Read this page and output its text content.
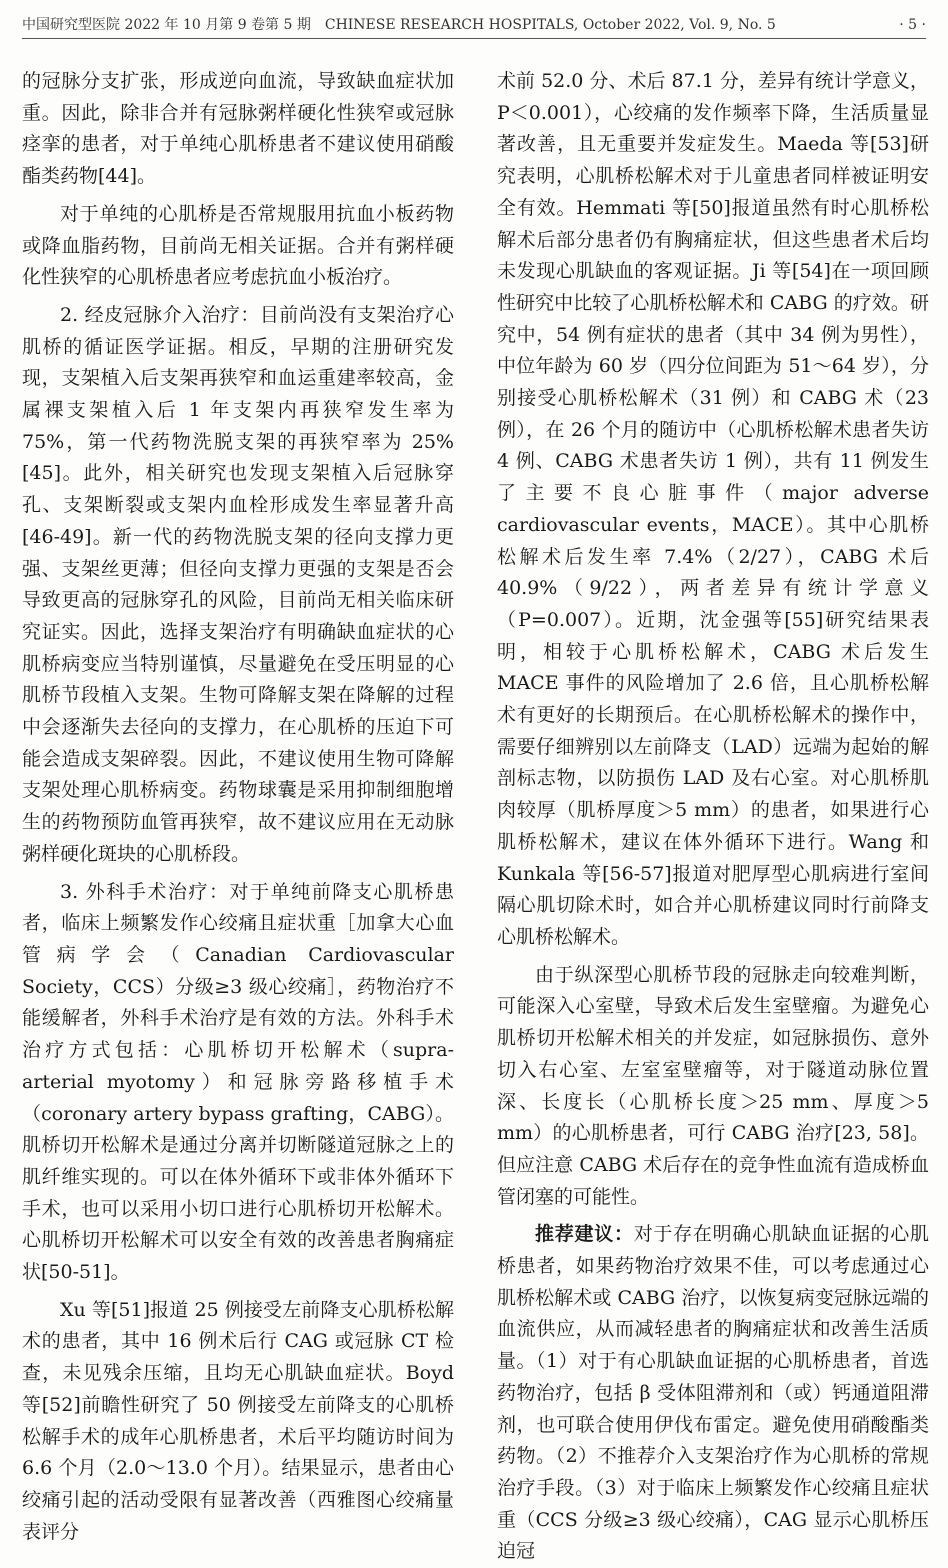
中国研究型医院 2022 年 10 月第 9 卷第 5 期　CHINESE RESEARCH HOSPITALS, October 2022, Vol. 9, No. 5	· 5 ·

的冠脉分支扩张，形成逆向血流，导致缺血症状加重。因此，除非合并有冠脉粥样硬化性狭窄或冠脉痉挛的患者，对于单纯心肌桥患者不建议使用硝酸酯类药物[44]。

对于单纯的心肌桥是否常规服用抗血小板药物或降血脂药物，目前尚无相关证据。合并有粥样硬化性狭窄的心肌桥患者应考虑抗血小板治疗。

2. 经皮冠脉介入治疗：目前尚没有支架治疗心肌桥的循证医学证据。相反，早期的注册研究发现，支架植入后支架再狭窄和血运重建率较高，金属裸支架植入后 1 年支架内再狭窄发生率为 75%，第一代药物洗脱支架的再狭窄率为 25%[45]。此外，相关研究也发现支架植入后冠脉穿孔、支架断裂或支架内血栓形成发生率显著升高[46-49]。新一代的药物洗脱支架的径向支撑力更强、支架丝更薄；但径向支撑力更强的支架是否会导致更高的冠脉穿孔的风险，目前尚无相关临床研究证实。因此，选择支架治疗有明确缺血症状的心肌桥病变应当特别谨慎，尽量避免在受压明显的心肌桥节段植入支架。生物可降解支架在降解的过程中会逐渐失去径向的支撑力，在心肌桥的压迫下可能会造成支架碎裂。因此，不建议使用生物可降解支架处理心肌桥病变。药物球囊是采用抑制细胞增生的药物预防血管再狭窄，故不建议应用在无动脉粥样硬化斑块的心肌桥段。

3. 外科手术治疗：对于单纯前降支心肌桥患者，临床上频繁发作心绞痛且症状重［加拿大心血管病学会（Canadian Cardiovascular Society，CCS）分级≥3 级心绞痛］，药物治疗不能缓解者，外科手术治疗是有效的方法。外科手术治疗方式包括：心肌桥切开松解术（supra-arterial myotomy）和冠脉旁路移植手术（coronary artery bypass grafting，CABG）。肌桥切开松解术是通过分离并切断隧道冠脉之上的肌纤维实现的。可以在体外循环下或非体外循环下手术，也可以采用小切口进行心肌桥切开松解术。心肌桥切开松解术可以安全有效的改善患者胸痛症状[50-51]。

Xu 等[51]报道 25 例接受左前降支心肌桥松解术的患者，其中 16 例术后行 CAG 或冠脉 CT 检查，未见残余压缩，且均无心肌缺血症状。Boyd 等[52]前瞻性研究了 50 例接受左前降支的心肌桥松解手术的成年心肌桥患者，术后平均随访时间为 6.6 个月（2.0～13.0 个月）。结果显示，患者由心绞痛引起的活动受限有显著改善（西雅图心绞痛量表评分

术前 52.0 分、术后 87.1 分，差异有统计学意义，P＜0.001），心绞痛的发作频率下降，生活质量显著改善，且无重要并发症发生。Maeda 等[53]研究表明，心肌桥松解术对于儿童患者同样被证明安全有效。Hemmati 等[50]报道虽然有时心肌桥松解术后部分患者仍有胸痛症状，但这些患者术后均未发现心肌缺血的客观证据。Ji 等[54]在一项回顾性研究中比较了心肌桥松解术和 CABG 的疗效。研究中，54 例有症状的患者（其中 34 例为男性），中位年龄为 60 岁（四分位间距为 51～64 岁），分别接受心肌桥松解术（31 例）和 CABG 术（23 例），在 26 个月的随访中（心肌桥松解术患者失访 4 例、CABG 术患者失访 1 例），共有 11 例发生了主要不良心脏事件（major adverse cardiovascular events，MACE）。其中心肌桥松解术后发生率 7.4%（2/27），CABG 术后 40.9%（9/22），两者差异有统计学意义（P=0.007）。近期，沈金强等[55]研究结果表明，相较于心肌桥松解术，CABG 术后发生 MACE 事件的风险增加了 2.6 倍，且心肌桥松解术有更好的长期预后。在心肌桥松解术的操作中，需要仔细辨别以左前降支（LAD）远端为起始的解剖标志物，以防损伤 LAD 及右心室。对心肌桥肌肉较厚（肌桥厚度＞5 mm）的患者，如果进行心肌桥松解术，建议在体外循环下进行。Wang 和 Kunkala 等[56-57]报道对肥厚型心肌病进行室间隔心肌切除术时，如合并心肌桥建议同时行前降支心肌桥松解术。

由于纵深型心肌桥节段的冠脉走向较难判断，可能深入心室壁，导致术后发生室壁瘤。为避免心肌桥切开松解术相关的并发症，如冠脉损伤、意外切入右心室、左室室壁瘤等，对于隧道动脉位置深、长度长（心肌桥长度＞25 mm、厚度＞5 mm）的心肌桥患者，可行 CABG 治疗[23, 58]。但应注意 CABG 术后存在的竞争性血流有造成桥血管闭塞的可能性。

推荐建议：对于存在明确心肌缺血证据的心肌桥患者，如果药物治疗效果不佳，可以考虑通过心肌桥松解术或 CABG 治疗，以恢复病变冠脉远端的血流供应，从而减轻患者的胸痛症状和改善生活质量。（1）对于有心肌缺血证据的心肌桥患者，首选药物治疗，包括 β 受体阻滞剂和（或）钙通道阻滞剂，也可联合使用伊伐布雷定。避免使用硝酸酯类药物。（2）不推荐介入支架治疗作为心肌桥的常规治疗手段。（3）对于临床上频繁发作心绞痛且症状重（CCS 分级≥3 级心绞痛），CAG 显示心肌桥压迫冠
